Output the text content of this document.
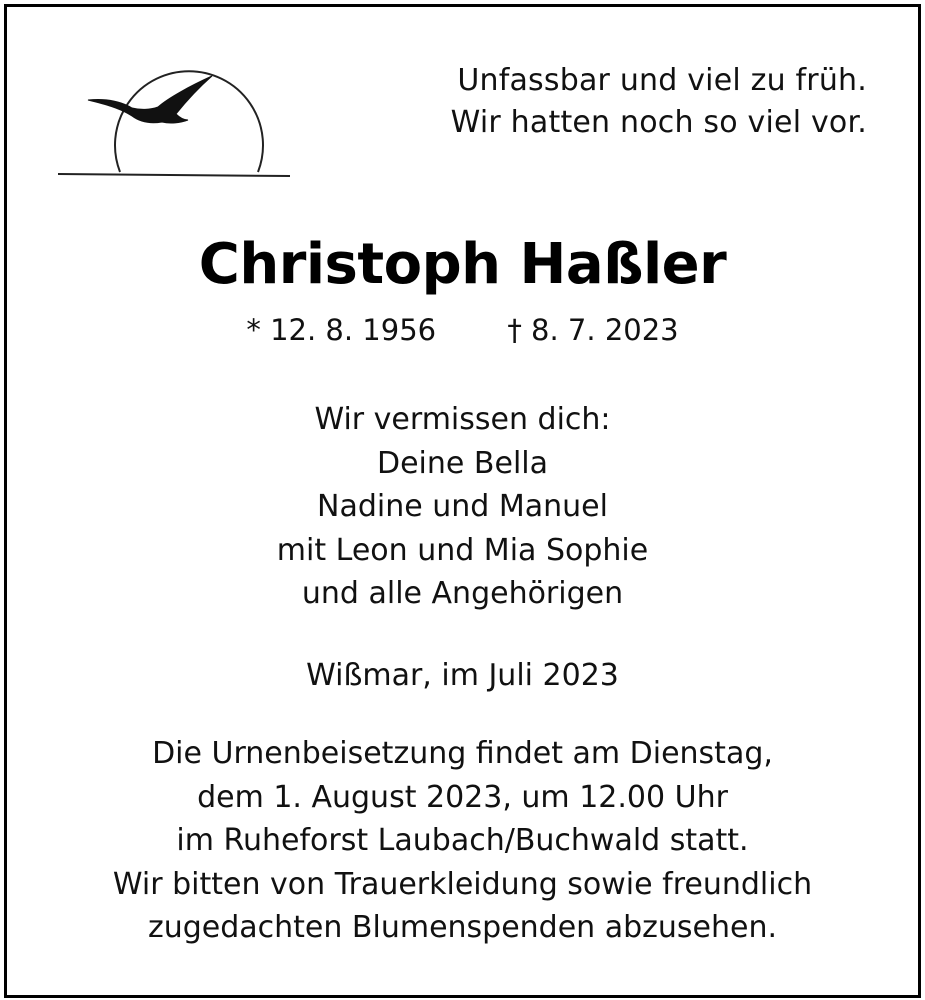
Unfassbar und viel zu früh.
Wir hatten noch so viel vor.
Christoph Haßler
* 12. 8. 1956 † 8. 7. 2023
Wir vermissen dich:
Deine Bella
Nadine und Manuel
mit Leon und Mia Sophie
und alle Angehörigen
Wißmar, im Juli 2023
Die Urnenbeisetzung findet am Dienstag,
dem 1. August 2023, um 12.00 Uhr
im Ruheforst Laubach/Buchwald statt.
Wir bitten von Trauerkleidung sowie freundlich
zugedachten Blumenspenden abzusehen.
